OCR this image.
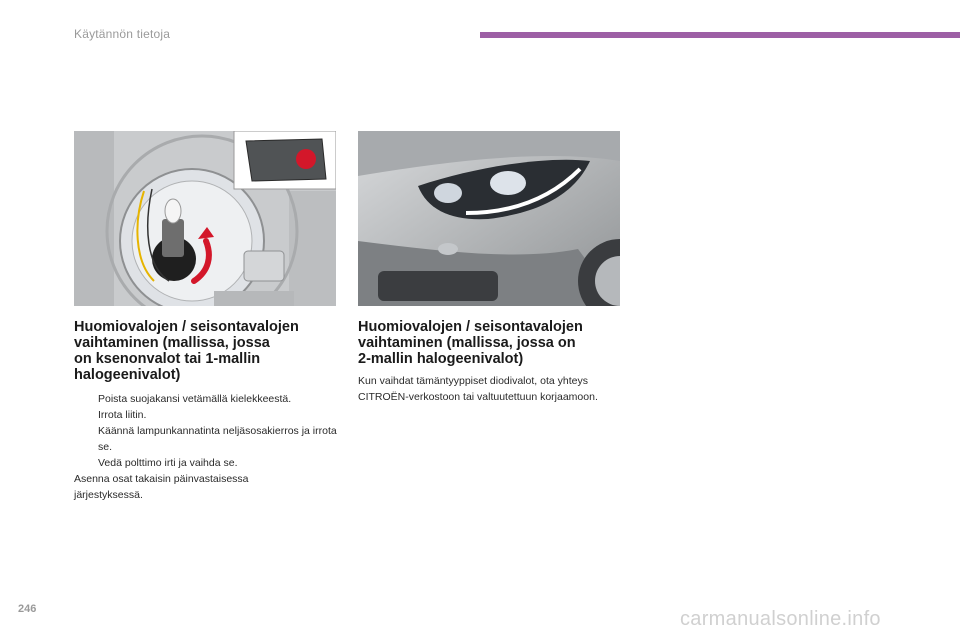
Käytännön tietoja
Huomiovalojen / seisontavalojen
vaihtaminen (mallissa, jossa
on ksenonvalot tai 1-mallin
halogeenivalot)
Poista suojakansi vetämällä kielekkeestä.
Irrota liitin.
Käännä lampunkannatinta neljäsosakierros ja irrota se.
Vedä polttimo irti ja vaihda se.

Asenna osat takaisin päinvastaisessa järjestyksessä.

Huomiovalojen / seisontavalojen
vaihtaminen (mallissa, jossa on
2-mallin halogeenivalot)

Kun vaihdat tämäntyyppiset diodivalot, ota yhteys CITROËN-verkostoon tai valtuutettuun korjaamoon.

246	carmanualsonline.info
